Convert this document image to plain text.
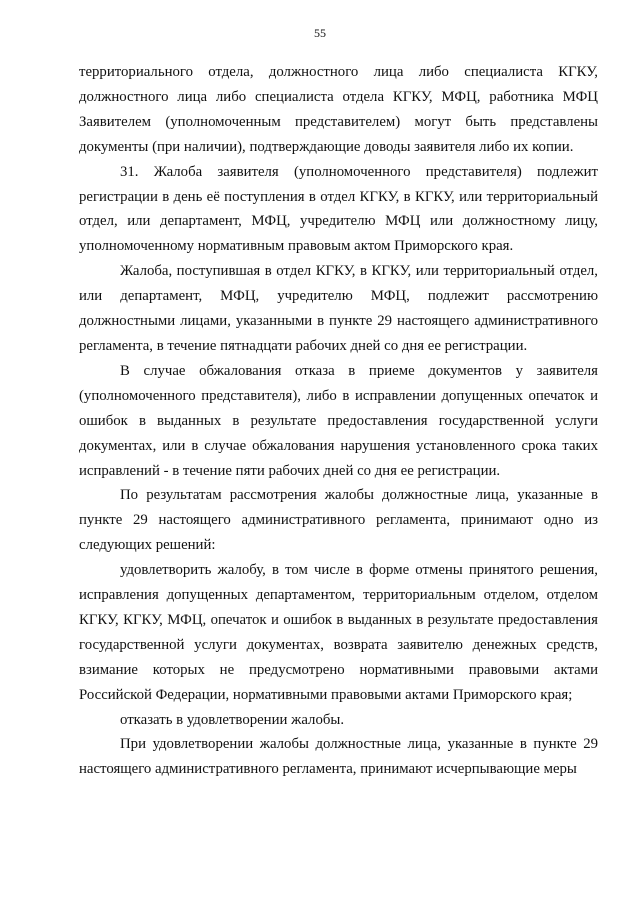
55

территориального отдела, должностного лица либо специалиста КГКУ, должностного лица либо специалиста отдела КГКУ, МФЦ, работника МФЦ Заявителем (уполномоченным представителем) могут быть представлены документы (при наличии), подтверждающие доводы заявителя либо их копии.

31. Жалоба заявителя (уполномоченного представителя) подлежит регистрации в день её поступления в отдел КГКУ, в КГКУ, или территориальный отдел, или департамент, МФЦ, учредителю МФЦ или должностному лицу, уполномоченному нормативным правовым актом Приморского края.

Жалоба, поступившая в отдел КГКУ, в КГКУ, или территориальный отдел, или департамент, МФЦ, учредителю МФЦ, подлежит рассмотрению должностными лицами, указанными в пункте 29 настоящего административного регламента, в течение пятнадцати рабочих дней со дня ее регистрации.

В случае обжалования отказа в приеме документов у заявителя (уполномоченного представителя), либо в исправлении допущенных опечаток и ошибок в выданных в результате предоставления государственной услуги документах, или в случае обжалования нарушения установленного срока таких исправлений - в течение пяти рабочих дней со дня ее регистрации.

По результатам рассмотрения жалобы должностные лица, указанные в пункте 29 настоящего административного регламента, принимают одно из следующих решений:

удовлетворить жалобу, в том числе в форме отмены принятого решения, исправления допущенных департаментом, территориальным отделом, отделом КГКУ, КГКУ, МФЦ, опечаток и ошибок в выданных в результате предоставления государственной услуги документах, возврата заявителю денежных средств, взимание которых не предусмотрено нормативными правовыми актами Российской Федерации, нормативными правовыми актами Приморского края;

отказать в удовлетворении жалобы.

При удовлетворении жалобы должностные лица, указанные в пункте 29 настоящего административного регламента, принимают исчерпывающие меры
